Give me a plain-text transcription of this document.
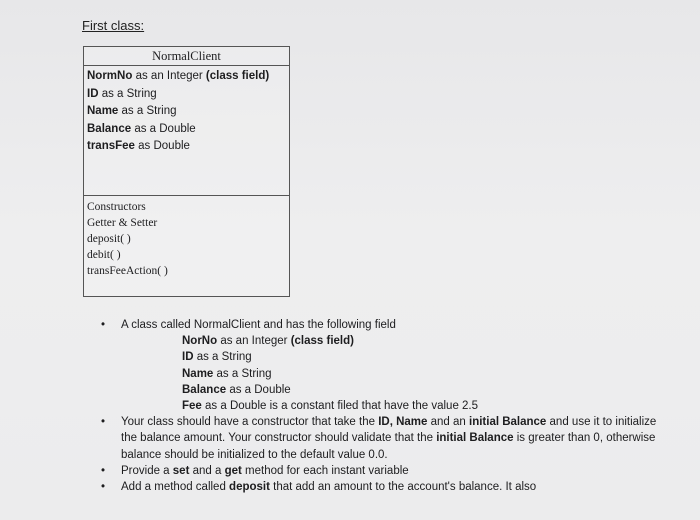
First class:
NormalClient
NormNo as an Integer (class field)
ID as a String
Name as a String
Balance as a Double
transFee as Double
Constructors
Getter & Setter
deposit( )
debit( )
transFeeAction( )
•	A class called NormalClient and has the following field
NorNo as an Integer (class field)
ID as a String
Name as a String
Balance as a Double
Fee as a Double is a constant filed that have the value 2.5
•	Your class should have a constructor that take the ID, Name and an initial Balance and use it to initialize the balance amount. Your constructor should validate that the initial Balance is greater than 0, otherwise balance should be initialized to the default value 0.0.
•	Provide a set and a get method for each instant variable
•	Add a method called deposit that add an amount to the account's balance. It also
